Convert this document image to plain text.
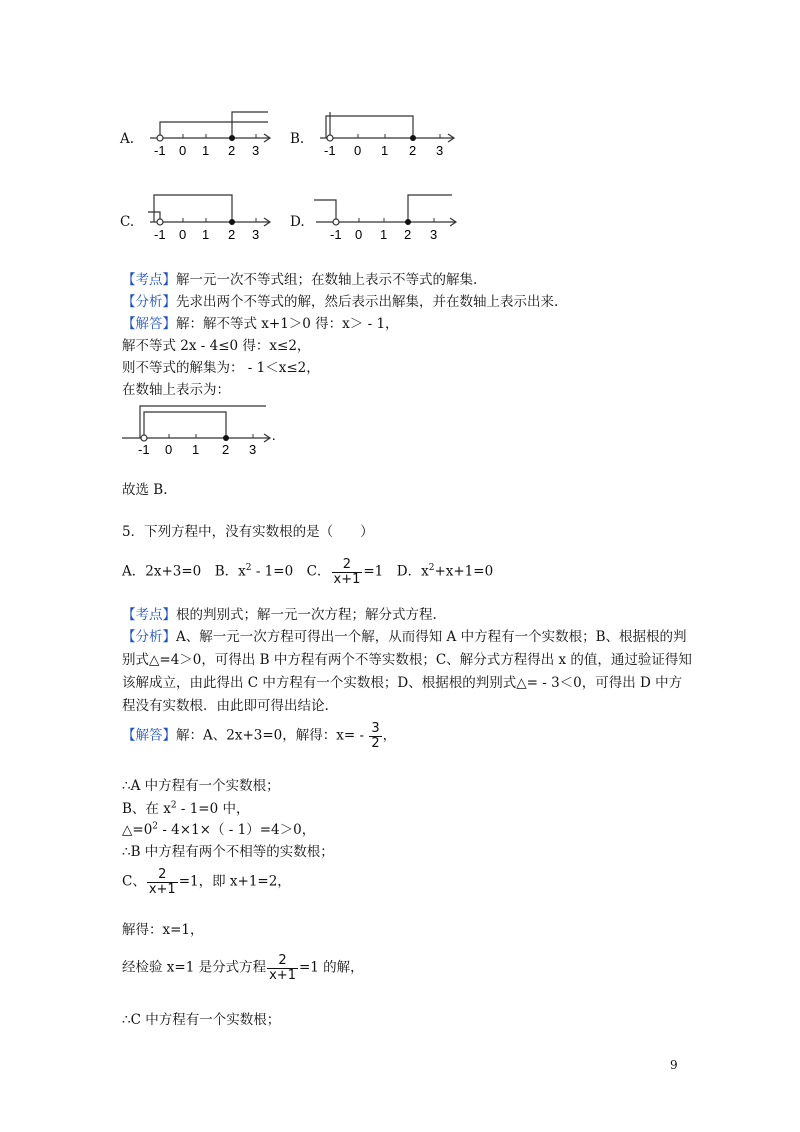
A.
-1 0 1 2 3
B.
-1 0 1 2 3
C.
-1 0 1 2 3
D.
-1 0 1 2 3
【考点】解一元一次不等式组；在数轴上表示不等式的解集.
【分析】先求出两个不等式的解，然后表示出解集，并在数轴上表示出来.
【解答】解：解不等式 x+1＞0 得：x＞ - 1，
解不等式 2x - 4≤0 得：x≤2，
则不等式的解集为： - 1＜x≤2，
在数轴上表示为：
-1 0 1 2 3
.
故选 B.
5．下列方程中，没有实数根的是（　　）
A．2x+3=0　B．$x^2 - 1=0$　C． $\frac{2}{x+1} =1$　D．$x^2+x+1=0$
【考点】根的判别式；解一元一次方程；解分式方程.
【分析】A、解一元一次方程可得出一个解，从而得知 A 中方程有一个实数根；B、根据根的判
别式△=4＞0，可得出 B 中方程有两个不等实数根；C、解分式方程得出 x 的值，通过验证得知
该解成立，由此得出 C 中方程有一个实数根；D、根据根的判别式△= - 3＜0，可得出 D 中方
程没有实数根．由此即可得出结论.
【解答】解：A、2x+3=0，解得：$x= - \frac{3}{2}$ ，
∴A 中方程有一个实数根；
B、在 $x^2 - 1=0$ 中，
$\triangle=0^2 - 4\times 1\times( - 1)=4>0$，
∴B 中方程有两个不相等的实数根；
C、 $\frac{2}{x+1} =1$，即 x+1=2，
解得：x=1，
经检验 x=1 是分式方程 $\frac{2}{x+1} =1$ 的解，
∴C 中方程有一个实数根；
9
